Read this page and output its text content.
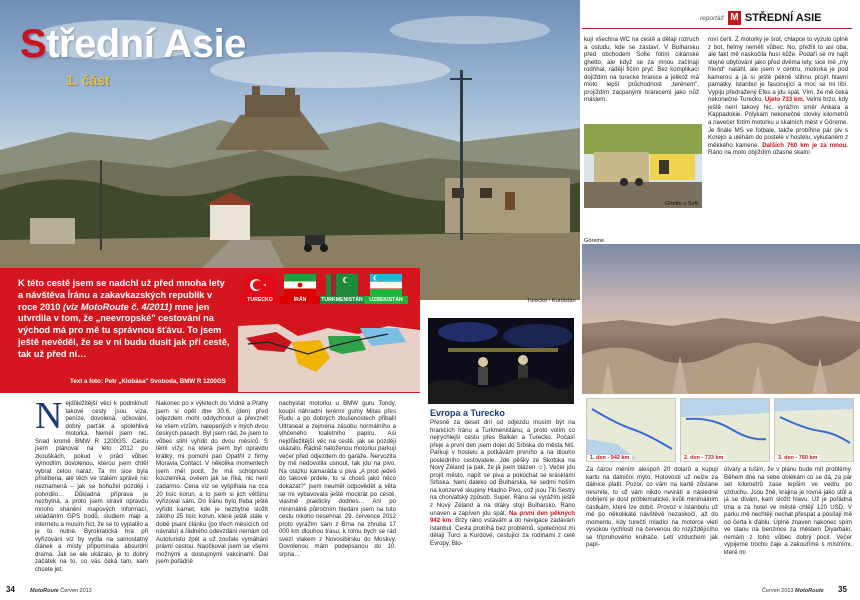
Střední Asie
1. část
K této cestě jsem se nadchl už před mnoha lety a návštěva Íránu a zakavkazských republik v roce 2010 (viz MotoRoute č. 4/2011) mne jen utvrdila v tom, že „neevropské" cestování na východ má pro mě tu správnou šťávu. To jsem ještě nevěděl, že se v ní budu dusit jak při cestě, tak už před ní…
Text a foto: Petr „Klobása" Svoboda, BMW R 1200GS
TURECKO	ÍRÁN	TURKMENISTÁN	UZBEKISTÁN
Nejdůležitější věci k podniknutí takové cesty jsou víza, peníze, dovolená, očkování, dobrý parťák a spolehlivá motorka. Neměl jsem nic. Snad kromě BMW R 1200GS. Cestu jsem plánoval na léto 2012 po zkouškách, pokud v práci vůbec vymodlím dovolenou, kterou jsem chtěl vybrat celou naráz. Ta mi sice byla přislíbena, ale těch ve stálém správě nic neznamená – jak se bohužel později i potvrdilo… Důkladná příprava je nezbytná, a proto jsem strávil opravdu mnoho shánění mapových informací, ukládáním GPS bodů, studiem map a internetu a musím říct, že se to vyplatilo a je to nutné. Byrokratická hra při vyřizování víz by vydla na samostatný článek a místy připomínala absurdní drama. Jak se ale ukázalo, je to dobrý začátek na to, co vás čeká tam, kam chcete jet.
Nakonec po x výletech do Vídně a Prahy jsem si opět dne 30.6. (den) před odjezdem mohl oddychnout a převznět ke všem vízům, nalepených v mých dvou českých pasech. Byl jsem rád, že jsem to vůbec stihl vyřídit do dvou měsíců. S těmi vízy, na která jsem byl opravdu krátký, mi pomohl pan Opatřil z firmy Moravia Contact. V několika momentech jsem měl pocit, že má schopnosti kouzelníka, ověem jak se říká, nic není zadarmo. Cena víz se vyšplhala na cca 20 tisíc korun, a to jsem si jich většinu vyřizoval sám. Do Íránu bylo třeba ještě vyřídit karnet, kde je nezbytné složit záloho 25 tisíc korun, které ještě stále v době psaní článku (po třech měsících od návratu) a řádného odevzdání nemám od Autoturistu zpět a už zoufale vymáhání právní cestou. Naočkoval jsem se všemi možnými a dostupnými vakcinami. Dal jsem pořádně
nachystat motorku u BMW guru Tondy, koupil náhradní terénní gumy Mitas přes Rudu a po dobrých zkušenostech přibalil Ultraseal a zejména zásobu normálního a vlhčeného toaletního papíru. Asi nejdůležitější věc na cestě, jak se později ukázalo. Řádně naloženou motorku parkuji večer před odjezdem do garáže. Nervozita by mě nedovolila usnout, tak jdu na pivo. Na otázku kamaráda u piva „A proč jedeš do takové prdele, to si chceš jako něco dokázat?" jsem neuměl odpovědět a věta se mi vybavovala ještě mockrát po cestě, vlastně prakticky dodnes… Ani po minimálně půlročním hledání jsem na tuto cestu nikoho nesehnal. 29. července 2012 proto vyrážím sám z Brna na zhruba 17 000 km dlouhou trasu, k tomu bych se rád svezl vlakem z Novosibirsku do Moskvy. Dovolenou mám podepsanou do 10. srpna…
Hladno Pivo
Turecko - Kurdistán
34	MotoRoute Červen 2013
reportáž M STŘEDNÍ ASIE
kují všechna WC na cestě a dělají rozruch a ostudu, kde se zastaví. V Bulharsku před obchodem Sofie fotím cikánské ghetto, ale když se za mnou začínají rodňhat, rádějí fičím pryč. Bez komplikací dojíždím na turecké hranice a jelikož má moto lepší průchodnost „terénem", projíždím zacpanými hranicemi jako nůž máslem.
roví čerti. Z motorky je šrot, chlapce to vyzulo úplně z bot, helmy nemělí vůbec. No, přežili to asi oba, ale fakt mě naskočila husí kůže. Podaří se mi najít stejné ubytování jako před dvěma lety, sice mě „my friend" natáhl, ale jsem v centru, motorka je pod kamerou a já si ještě pěkně stihnu projít hlavní památky. Istanbul je fascinující a moc se mi líbí. Vypiju předražený Efes a jdu spát. Vím, že mě čeká nekonečné Turecko. Ujeto 733 km. Velmi brzo, kdy ještě není takový hic, vyrážím směr Ankara a Kappadokie. Polykám nekonečné stovky kilometrů a navečer fotím motorku u skalních měst v Göreme. Je finále MS ve fotbale, takže probíhne pár piv s Korejci a uléhám do postele v hostelu, vykutaném z měkkého kamene. Dalších 760 km je za mnou. Ráno na moto objíždím úžasné skalní
Ghetto v Sofii
Göreme
1. den - 942 km	2. den - 733 km	3. den - 760 km
Evropa a Turecko
Přesně za deset dní od odjezdu musím být na hranicích Íránu a Turkmenistánu, a proto volím co nejrychlejší cestu přes Balkán a Turecko. Počasí přeje a první den jsem dojel do Srbska do města Niš. Parkuji v hostelu a potkávám prvního a na dlouho posledního cestovatele. Jde pěšky ze Skotska na Nový Zéland (a pak, že já jsem blázen ☺). Večer jdu projít město, napít se piva a pokochat se krásklámi Srbska. Není daleko od Bulharska, ke sedmi hoším na konzervě skupiny Hladno Pivo, což jsou Titi Sestry na chorvatský způsob. Super. Ráno se vyrážím ještě z Nový Zéland a na dráky stojí Bulharsko, Ráno unaven a zapíven jdu spát. Na první den pěkných 942 km. Brzy ráno vstávám a do navigace zadávám Istanbul. Cesta probíhá bez problémů, společnost mi dělají Turci a Kurdové, cestující za rodinami z celé Evropy. Blo-
Za čárou měním alespoň 20 dolarů a kupuji kartu na dálniční mýto. Hotovostí už nelze za dálnice platit. Pozor, co vám na kartě zůstane nesmíte, to už vám nikdo nevrátí a následné dobíjení je dost problematické, kvůli minimálním částkám, které lze dobít. Provoz v Istanbulu už mě po několikáté návštěvě nezaskočí, až do momentu, kdy turečtí mladíci na motorce vletí vysokou rychlostí na červenou do rozjíždějícího se třípruhového kruháče. Letí vzduchem jak papí-
útvary a tušim, že v plánu bude mít problémy. Během dne na sebe oblékám co se dá, za pár set kilometrů zase lepšim ve vedru po vzduchu. Jsou žně, krajina je rovná jako stůl a já se dívám, kam složit hlavu. Už je pořádná tma a za hotel ve městě chtějí 120 USD. V parku mě nechtějí nechat přespat a posílají mě od čerta k ďáblu. Úplně znaven nakonec spím ve stanu na benzince za městem Diyarbakr, nemám z toho vůbec dobrý pocit. Večer vypijeme trochu čaje a zakouříme s místními, které mi
Červen 2013 MotoRoute 35
